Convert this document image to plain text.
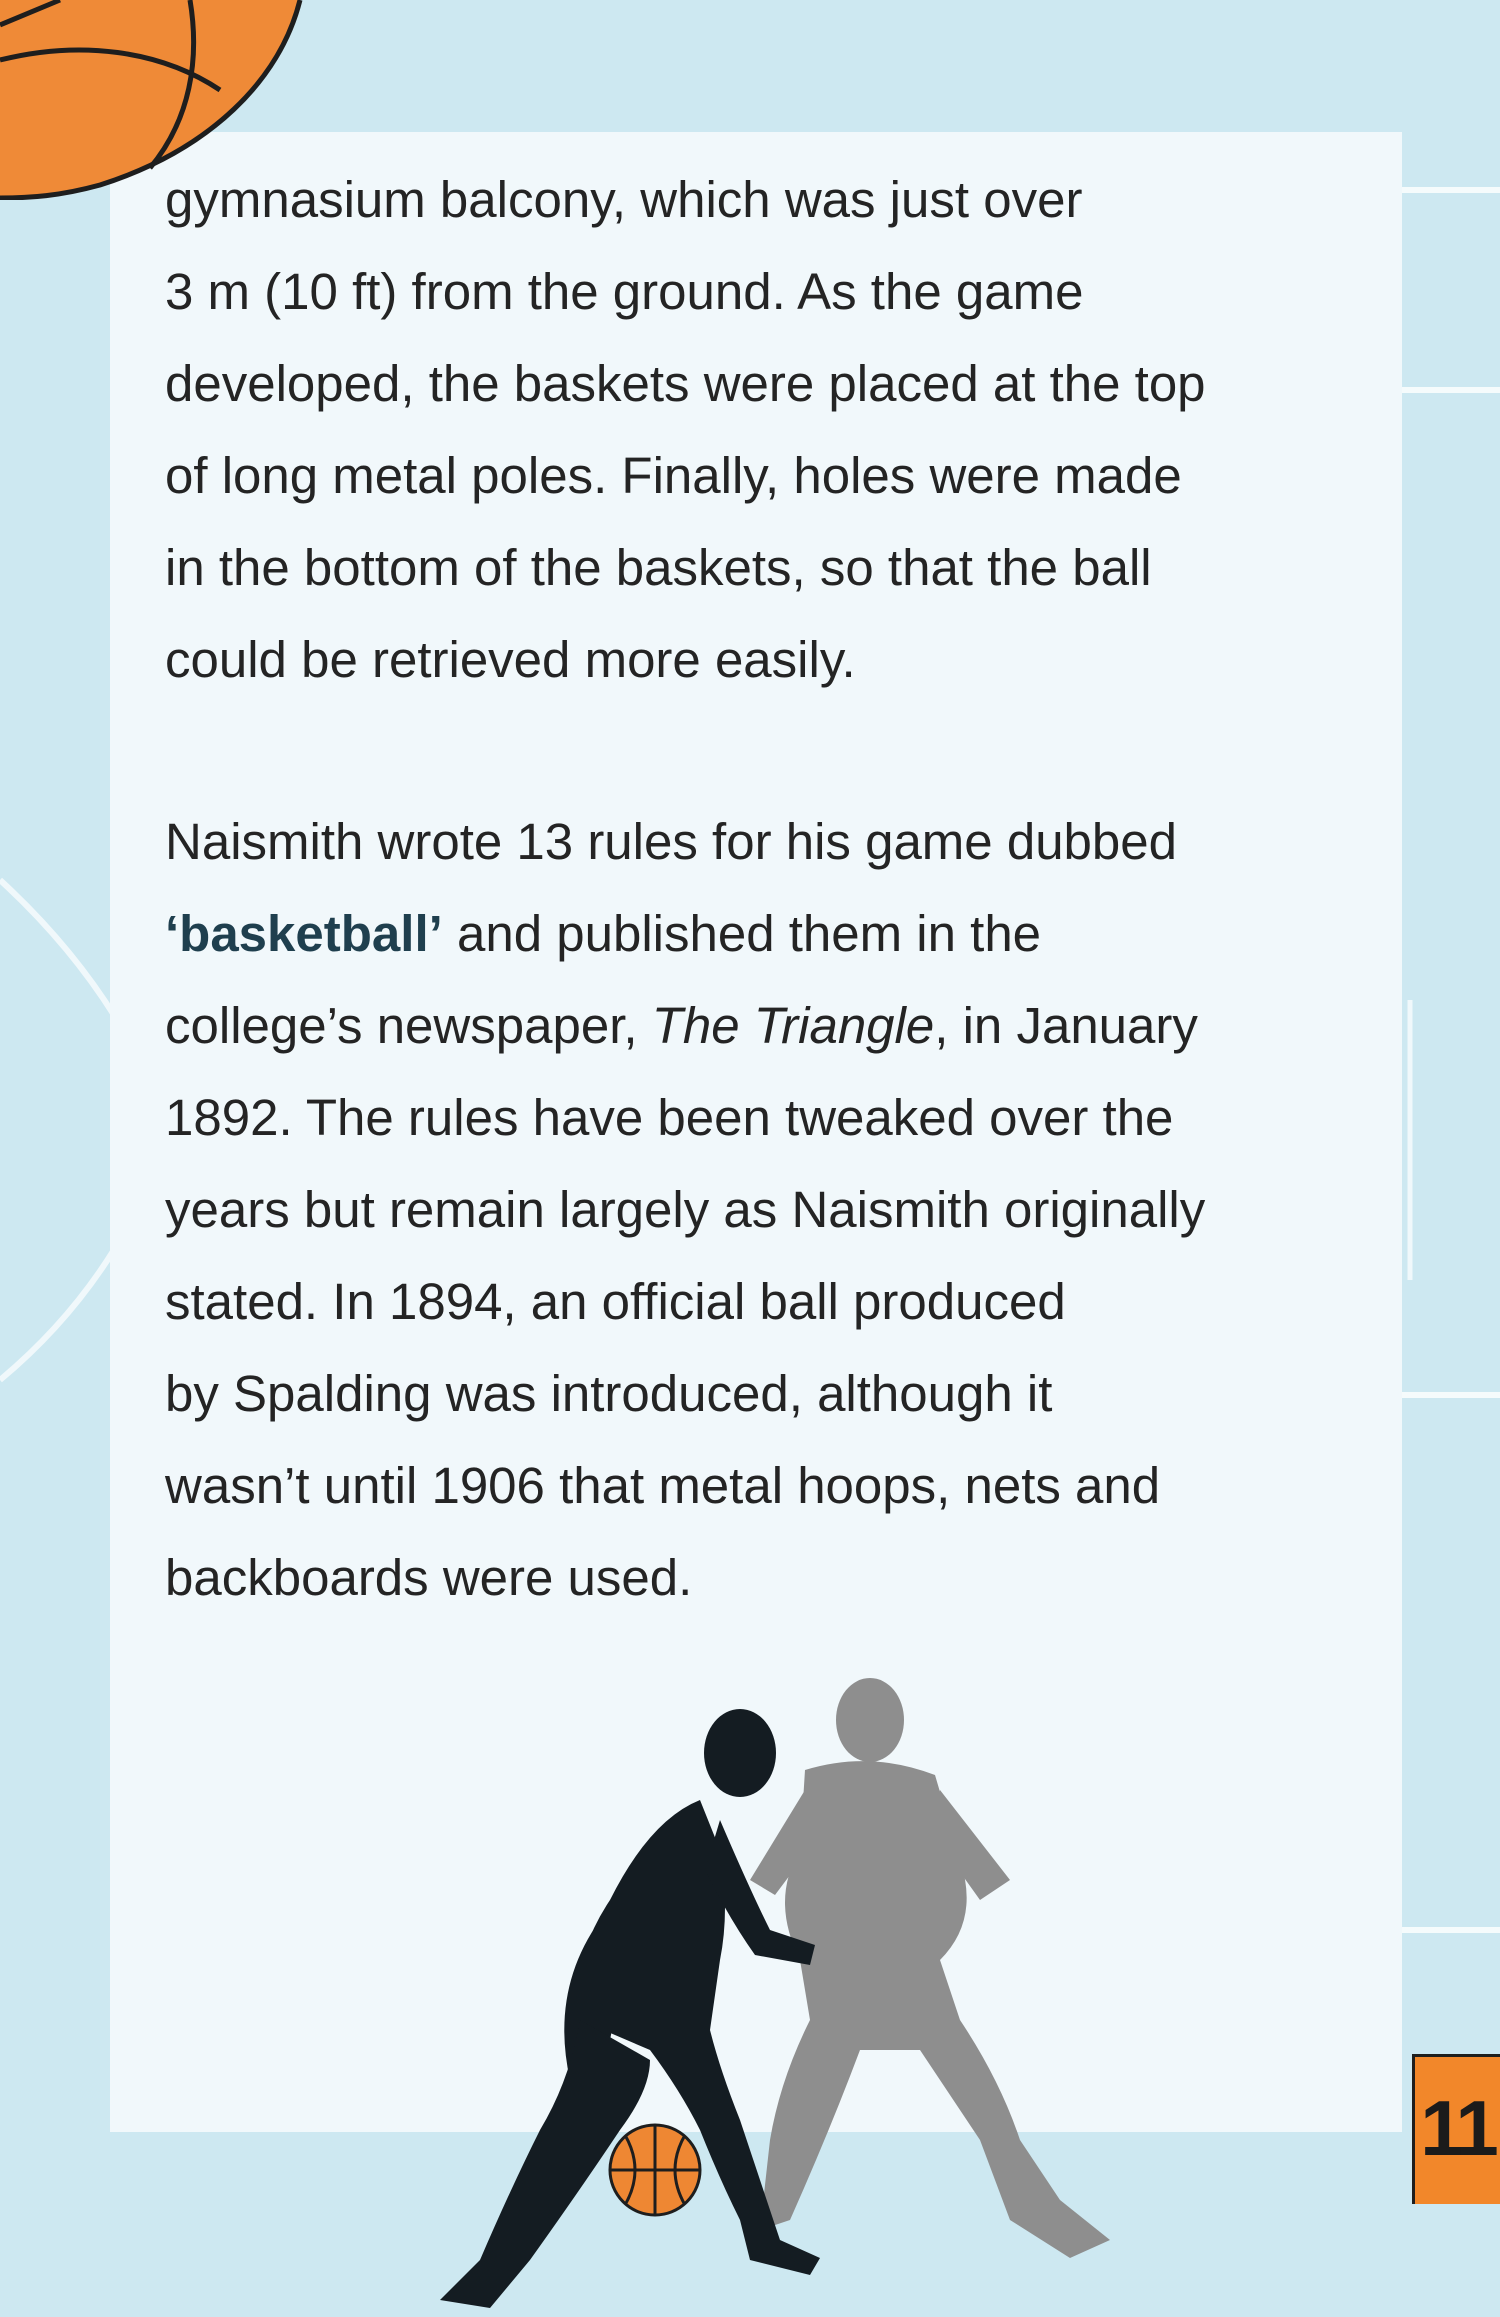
gymnasium balcony, which was just over

3 m (10 ft) from the ground. As the game

developed, the baskets were placed at the top

of long metal poles. Finally, holes were made

in the bottom of the baskets, so that the ball

could be retrieved more easily.

Naismith wrote 13 rules for his game dubbed

‘basketball’ and published them in the

college’s newspaper, The Triangle, in January

1892. The rules have been tweaked over the

years but remain largely as Naismith originally

stated. In 1894, an official ball produced

by Spalding was introduced, although it

wasn’t until 1906 that metal hoops, nets and

backboards were used.

11
